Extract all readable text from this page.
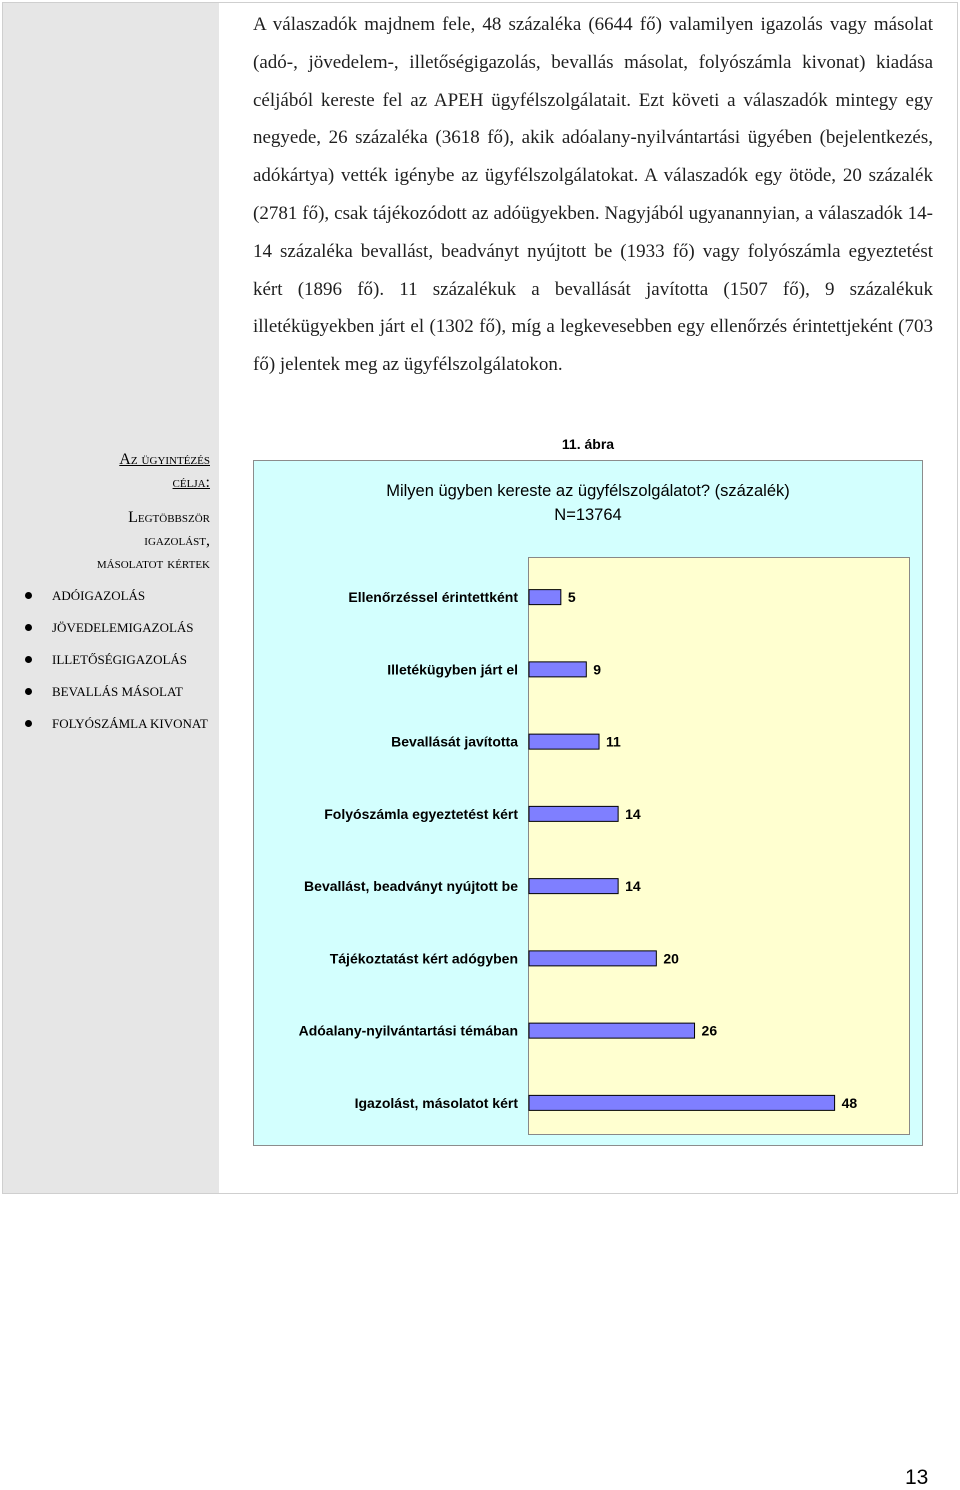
A válaszadók majdnem fele, 48 százaléka (6644 fő) valamilyen igazolás vagy másolat (adó-, jövedelem-, illetőségigazolás, bevallás másolat, folyószámla kivonat) kiadása céljából kereste fel az APEH ügyfélszolgálatait. Ezt követi a válaszadók mintegy egy negyede, 26 százaléka (3618 fő), akik adóalany-nyilvántartási ügyében (bejelentkezés, adókártya) vették igénybe az ügyfélszolgálatokat. A válaszadók egy ötöde, 20 százalék (2781 fő), csak tájékozódott az adóügyekben. Nagyjából ugyanannyian, a válaszadók 14-14 százaléka bevallást, beadványt nyújtott be (1933 fő) vagy folyószámla egyeztetést kért (1896 fő). 11 százalékuk a bevallását javította (1507 fő), 9 százalékuk illetékügyekben járt el (1302 fő), míg a legkevesebben egy ellenőrzés érintettjeként (703 fő) jelentek meg az ügyfélszolgálatokon.
Az ügyintézés
célja:
Legtöbbször
igazolást,
másolatot kértek
ADÓIGAZOLÁS
JÖVEDELEMIGAZOLÁS
ILLETŐSÉGIGAZOLÁS
BEVALLÁS MÁSOLAT
FOLYÓSZÁMLA KIVONAT
11. ábra
Milyen ügyben kereste az ügyfélszolgálatot? (százalék)
N=13764
Ellenőrzéssel érintettként	5
Illetékügyben járt el	9
Bevallását javította	11
Folyószámla egyeztetést kért	14
Bevallást, beadványt nyújtott be	14
Tájékoztatást kért adógyben	20
Adóalany-nyilvántartási témában	26
Igazolást, másolatot kért	48
13
